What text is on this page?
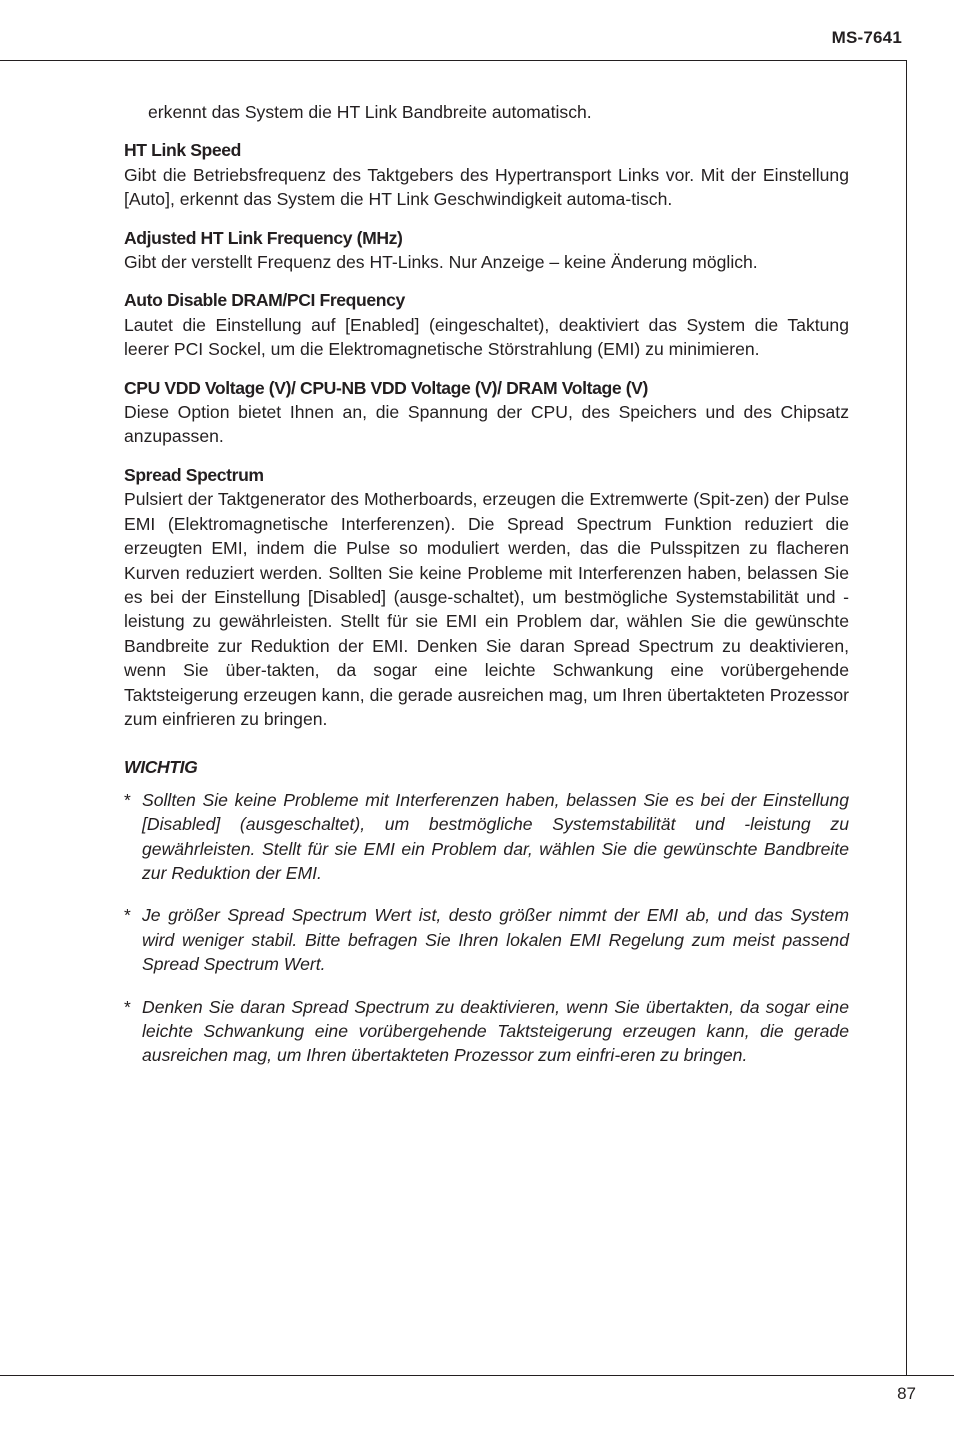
MS-7641

erkennt das System die HT Link Bandbreite automatisch.

HT Link Speed

Gibt die Betriebsfrequenz des Taktgebers des Hypertransport Links vor. Mit der Einstellung [Auto], erkennt das System die HT Link Geschwindigkeit automa-tisch.

Adjusted HT Link Frequency (MHz)

Gibt der verstellt Frequenz des HT-Links. Nur Anzeige – keine Änderung möglich.

Auto Disable DRAM/PCI Frequency

Lautet die Einstellung auf [Enabled] (eingeschaltet), deaktiviert das System die Taktung leerer PCI Sockel, um die Elektromagnetische Störstrahlung (EMI) zu minimieren.

CPU VDD Voltage (V)/ CPU-NB VDD Voltage (V)/ DRAM Voltage (V)

Diese Option bietet Ihnen an, die Spannung der CPU, des Speichers und des Chipsatz anzupassen.

Spread Spectrum

Pulsiert der Taktgenerator des Motherboards, erzeugen die Extremwerte (Spit-zen) der Pulse EMI (Elektromagnetische Interferenzen). Die Spread Spectrum Funktion reduziert die erzeugten EMI, indem die Pulse so moduliert werden, das die Pulsspitzen zu flacheren Kurven reduziert werden. Sollten Sie keine Probleme mit Interferenzen haben, belassen Sie es bei der Einstellung [Disabled] (ausge-schaltet), um bestmögliche Systemstabilität und -leistung zu gewährleisten. Stellt für sie EMI ein Problem dar, wählen Sie die gewünschte Bandbreite zur Reduktion der EMI. Denken Sie daran Spread Spectrum zu deaktivieren, wenn Sie über-takten, da sogar eine leichte Schwankung eine vorübergehende Taktsteigerung erzeugen kann, die gerade ausreichen mag, um Ihren übertakteten Prozessor zum einfrieren zu bringen.

WICHTIG

* Sollten Sie keine Probleme mit Interferenzen haben, belassen Sie es bei der Einstellung [Disabled] (ausgeschaltet), um bestmögliche Systemstabilität und -leistung zu gewährleisten. Stellt für sie EMI ein Problem dar, wählen Sie die gewünschte Bandbreite zur Reduktion der EMI.
* Je größer Spread Spectrum Wert ist, desto größer nimmt der EMI ab, und das System wird weniger stabil. Bitte befragen Sie Ihren lokalen EMI Regelung zum meist passend Spread Spectrum Wert.
* Denken Sie daran Spread Spectrum zu deaktivieren, wenn Sie übertakten, da sogar eine leichte Schwankung eine vorübergehende Taktsteigerung erzeugen kann, die gerade ausreichen mag, um Ihren übertakteten Prozessor zum einfri-eren zu bringen.
87
